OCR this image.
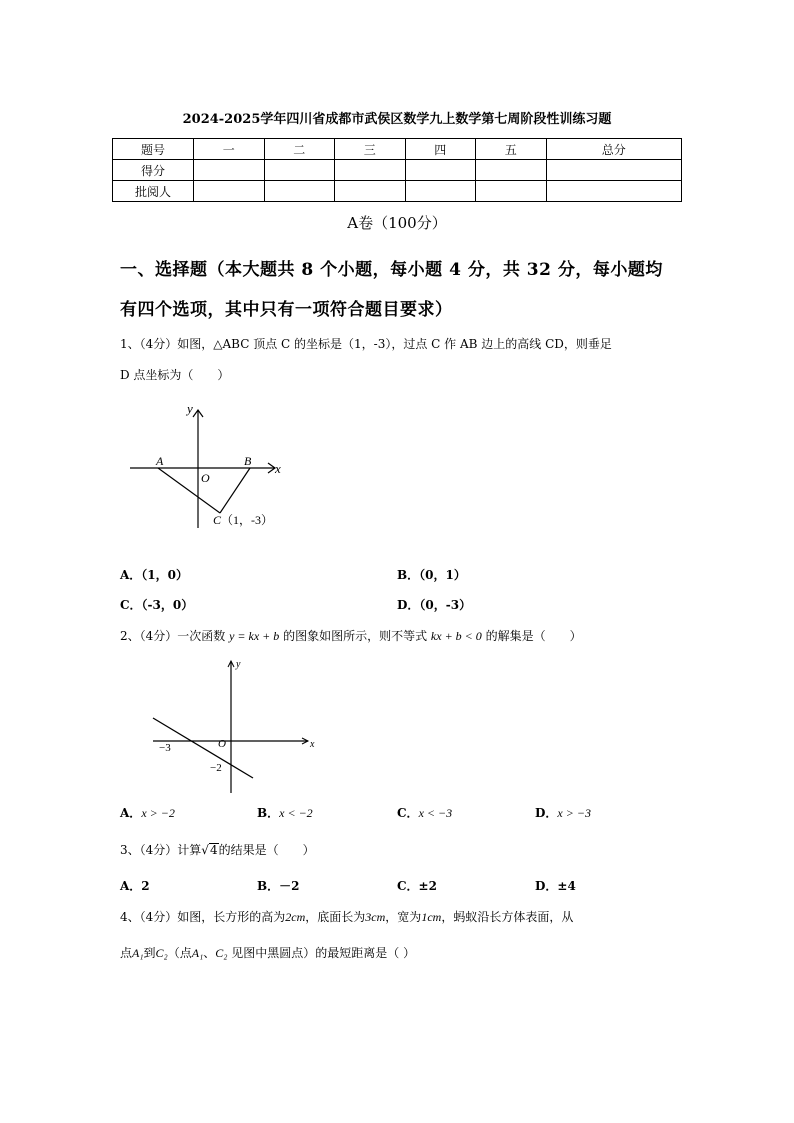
2024-2025学年四川省成都市武侯区数学九上数学第七周阶段性训练习题
题号	一	二	三	四	五	总分
得分						
批阅人						
A卷（100分）
一、选择题（本大题共 8 个小题，每小题 4 分，共 32 分，每小题均
有四个选项，其中只有一项符合题目要求）
1、（4分）如图，△ABC 顶点 C 的坐标是（1，-3），过点 C 作 AB 边上的高线 CD，则垂足
D 点坐标为（　　）
y
x
A	B
O
C （1，-3）
A．（1，0）	B．（0，1）
C．（-3，0）	D．（0，-3）
2、（4分）一次函数 y = kx + b 的图象如图所示，则不等式 kx + b < 0 的解集是（　　）
y
x
O
−3
−2
A．x > −2	B．x < −2	C．x < −3	D．x > −3
3、（4分）计算√4的结果是（　　）
A．2	B．－2	C．±2	D．±4
4、（4分）如图，长方形的高为2cm，底面长为3cm，宽为1cm，蚂蚁沿长方体表面，从
点A₁到C₂（点A₁、C₂ 见图中黑圆点）的最短距离是（ ）
